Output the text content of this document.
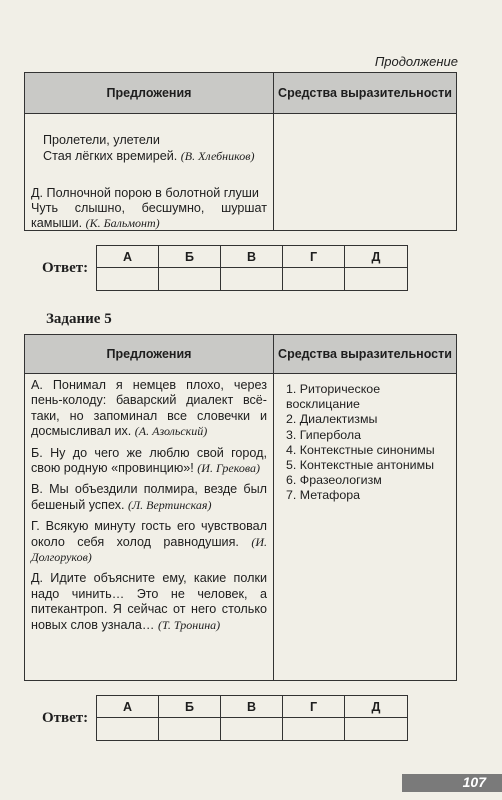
Продолжение
Предложения	Средства выразительности

Пролетели, улетели
Стая лёгких времирей. (В. Хлебников)

Д. Полночной порою в болотной глуши
Чуть слышно, бесшумно, шуршат камыши. (К. Бальмонт)

Ответ:
А	Б	В	Г	Д
Задание 5
Предложения	Средства выразительности
А. Понимал я немцев плохо, через пень-колоду: баварский диалект всё-таки, но запоминал все словечки и досмысливал их. (А. Азольский)
Б. Ну до чего же люблю свой город, свою родную «провинцию»! (И. Грекова)
В. Мы объездили полмира, везде был бешеный успех. (Л. Вертинская)
Г. Всякую минуту гость его чувствовал около себя холод равнодушия. (И. Долгоруков)
Д. Идите объясните ему, какие полки надо чинить… Это не человек, а питекантроп. Я сейчас от него столько новых слов узнала… (Т. Тронина)
1. Риторическое восклицание
2. Диалектизмы
3. Гипербола
4. Контекстные синонимы
5. Контекстные антонимы
6. Фразеологизм
7. Метафора
Ответ:
А	Б	В	Г	Д
107
